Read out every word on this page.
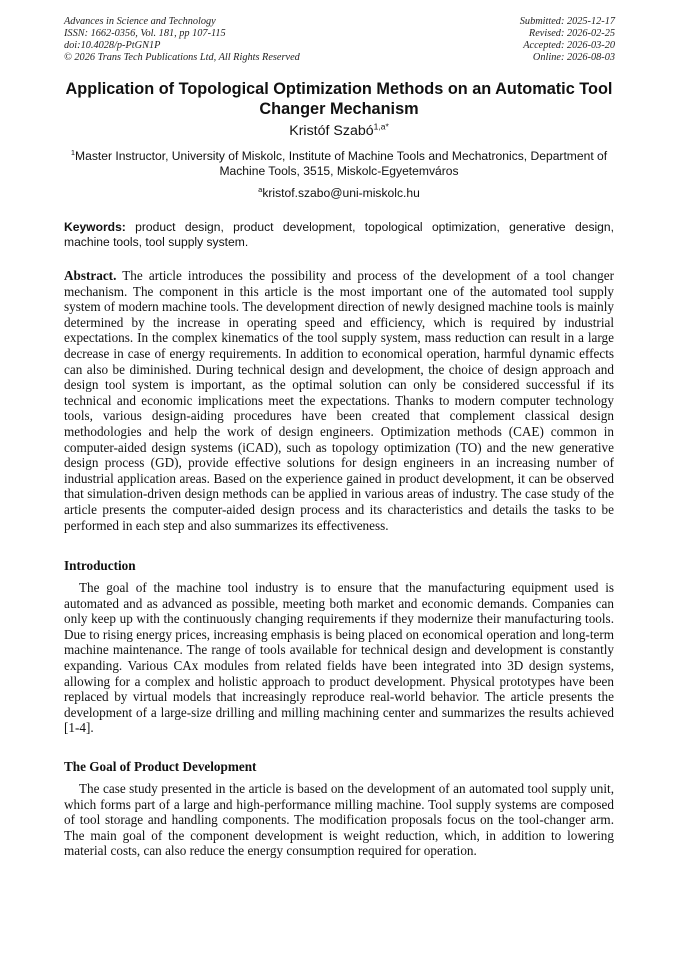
Advances in Science and Technology
ISSN: 1662-0356, Vol. 181, pp 107-115
doi:10.4028/p-PtGN1P
© 2026 Trans Tech Publications Ltd, All Rights Reserved
Submitted: 2025-12-17
Revised: 2026-02-25
Accepted: 2026-03-20
Online: 2026-08-03
Application of Topological Optimization Methods on an Automatic Tool Changer Mechanism
Kristóf Szabó$^{1,a*}$
$^1$Master Instructor, University of Miskolc, Institute of Machine Tools and Mechatronics, Department of Machine Tools, 3515, Miskolc-Egyetemváros
$^a$kristof.szabo@uni-miskolc.hu
Keywords: product design, product development, topological optimization, generative design, machine tools, tool supply system.
Abstract. The article introduces the possibility and process of the development of a tool changer mechanism. The component in this article is the most important one of the automated tool supply system of modern machine tools. The development direction of newly designed machine tools is mainly determined by the increase in operating speed and efficiency, which is required by industrial expectations. In the complex kinematics of the tool supply system, mass reduction can result in a large decrease in case of energy requirements. In addition to economical operation, harmful dynamic effects can also be diminished. During technical design and development, the choice of design approach and design tool system is important, as the optimal solution can only be considered successful if its technical and economic implications meet the expectations. Thanks to modern computer technology tools, various design-aiding procedures have been created that complement classical design methodologies and help the work of design engineers. Optimization methods (CAE) common in computer-aided design systems (iCAD), such as topology optimization (TO) and the new generative design process (GD), provide effective solutions for design engineers in an increasing number of industrial application areas. Based on the experience gained in product development, it can be observed that simulation-driven design methods can be applied in various areas of industry. The case study of the article presents the computer-aided design process and its characteristics and details the tasks to be performed in each step and also summarizes its effectiveness.
Introduction
The goal of the machine tool industry is to ensure that the manufacturing equipment used is automated and as advanced as possible, meeting both market and economic demands. Companies can only keep up with the continuously changing requirements if they modernize their manufacturing tools. Due to rising energy prices, increasing emphasis is being placed on economical operation and long-term machine maintenance. The range of tools available for technical design and development is constantly expanding. Various CAx modules from related fields have been integrated into 3D design systems, allowing for a complex and holistic approach to product development. Physical prototypes have been replaced by virtual models that increasingly reproduce real-world behavior. The article presents the development of a large-size drilling and milling machining center and summarizes the results achieved [1-4].
The Goal of Product Development
The case study presented in the article is based on the development of an automated tool supply unit, which forms part of a large and high-performance milling machine. Tool supply systems are composed of tool storage and handling components. The modification proposals focus on the tool-changer arm. The main goal of the component development is weight reduction, which, in addition to lowering material costs, can also reduce the energy consumption required for operation.
